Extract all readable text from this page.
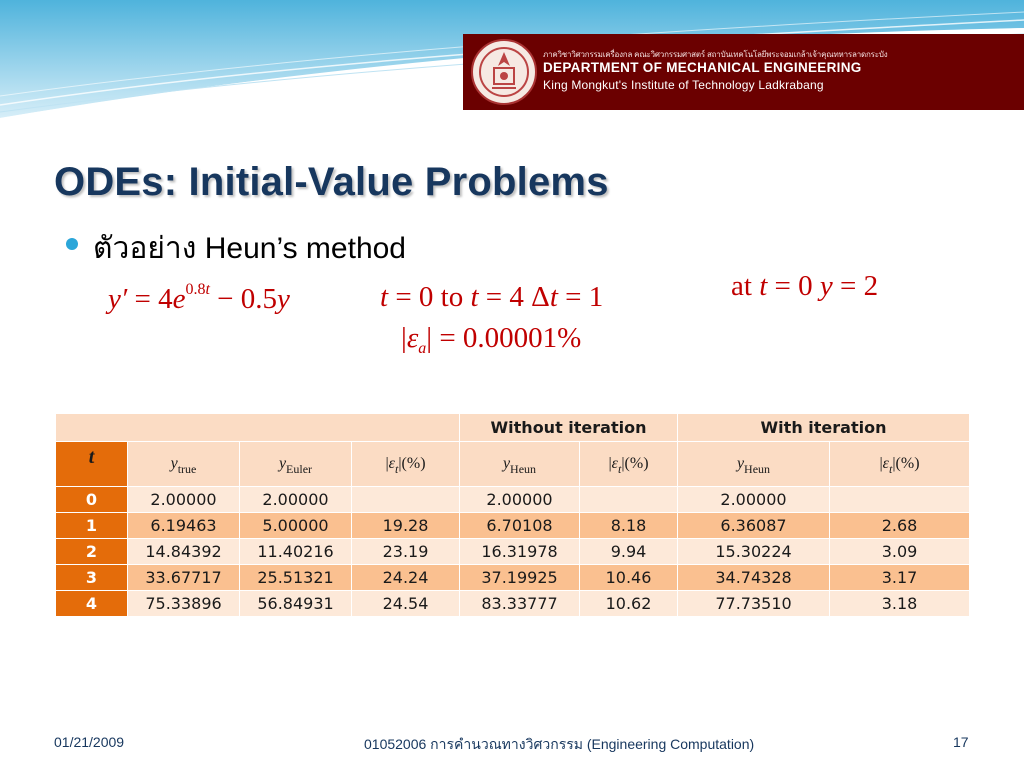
ภาควิชาวิศวกรรมเครื่องกล คณะวิศวกรรมศาสตร์ สถาบันเทคโนโลยีพระจอมเกล้าเจ้าคุณทหารลาดกระบัง
DEPARTMENT OF MECHANICAL ENGINEERING
King Mongkut's Institute of Technology Ladkrabang
ODEs: Initial-Value Problems
ตัวอย่าง Heun’s method
$y' = 4e^{0.8t} - 0.5y$	t = 0 to t = 4 Δt = 1	at t = 0 y = 2
$|\varepsilon_a| = 0.00001\%$
				Without iteration		With iteration	
t	$y_{true}$	$y_{Euler}$	$|\varepsilon_t|(\%)$	$y_{Heun}$	$|\varepsilon_t|(\%)$	$y_{Heun}$	$|\varepsilon_t|(\%)$
0	2.00000	2.00000		2.00000		2.00000	
1	6.19463	5.00000	19.28	6.70108	8.18	6.36087	2.68
2	14.84392	11.40216	23.19	16.31978	9.94	15.30224	3.09
3	33.67717	25.51321	24.24	37.19925	10.46	34.74328	3.17
4	75.33896	56.84931	24.54	83.33777	10.62	77.73510	3.18
01/21/2009	01052006 การคำนวณทางวิศวกรรม (Engineering Computation)	17
